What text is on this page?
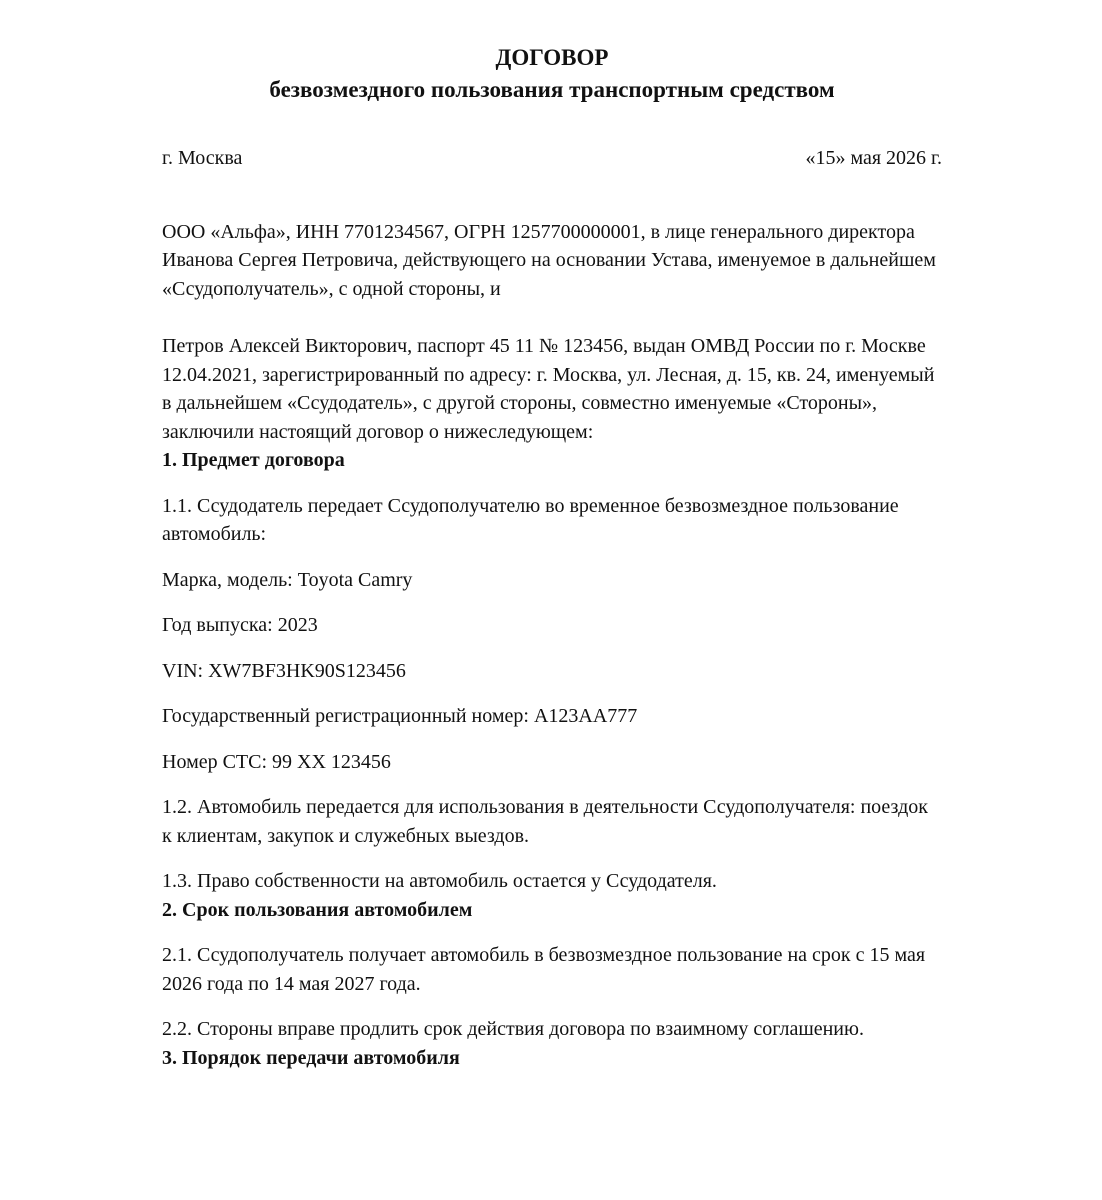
ДОГОВОР
безвозмездного пользования транспортным средством
г. Москва	«15» мая 2026 г.

ООО «Альфа», ИНН 7701234567, ОГРН 1257700000001, в лице генерального директора Иванова Сергея Петровича, действующего на основании Устава, именуемое в дальнейшем «Ссудополучатель», с одной стороны, и

Петров Алексей Викторович, паспорт 45 11 № 123456, выдан ОМВД России по г. Москве 12.04.2021, зарегистрированный по адресу: г. Москва, ул. Лесная, д. 15, кв. 24, именуемый в дальнейшем «Ссудодатель», с другой стороны, совместно именуемые «Стороны», заключили настоящий договор о нижеследующем:

1. Предмет договора

1.1. Ссудодатель передает Ссудополучателю во временное безвозмездное пользование автомобиль:

Марка, модель: Toyota Camry

Год выпуска: 2023

VIN: XW7BF3HK90S123456

Государственный регистрационный номер: А123АА777

Номер СТС: 99 ХХ 123456

1.2. Автомобиль передается для использования в деятельности Ссудополучателя: поездок к клиентам, закупок и служебных выездов.

1.3. Право собственности на автомобиль остается у Ссудодателя.

2. Срок пользования автомобилем

2.1. Ссудополучатель получает автомобиль в безвозмездное пользование на срок с 15 мая 2026 года по 14 мая 2027 года.

2.2. Стороны вправе продлить срок действия договора по взаимному соглашению.

3. Порядок передачи автомобиля
